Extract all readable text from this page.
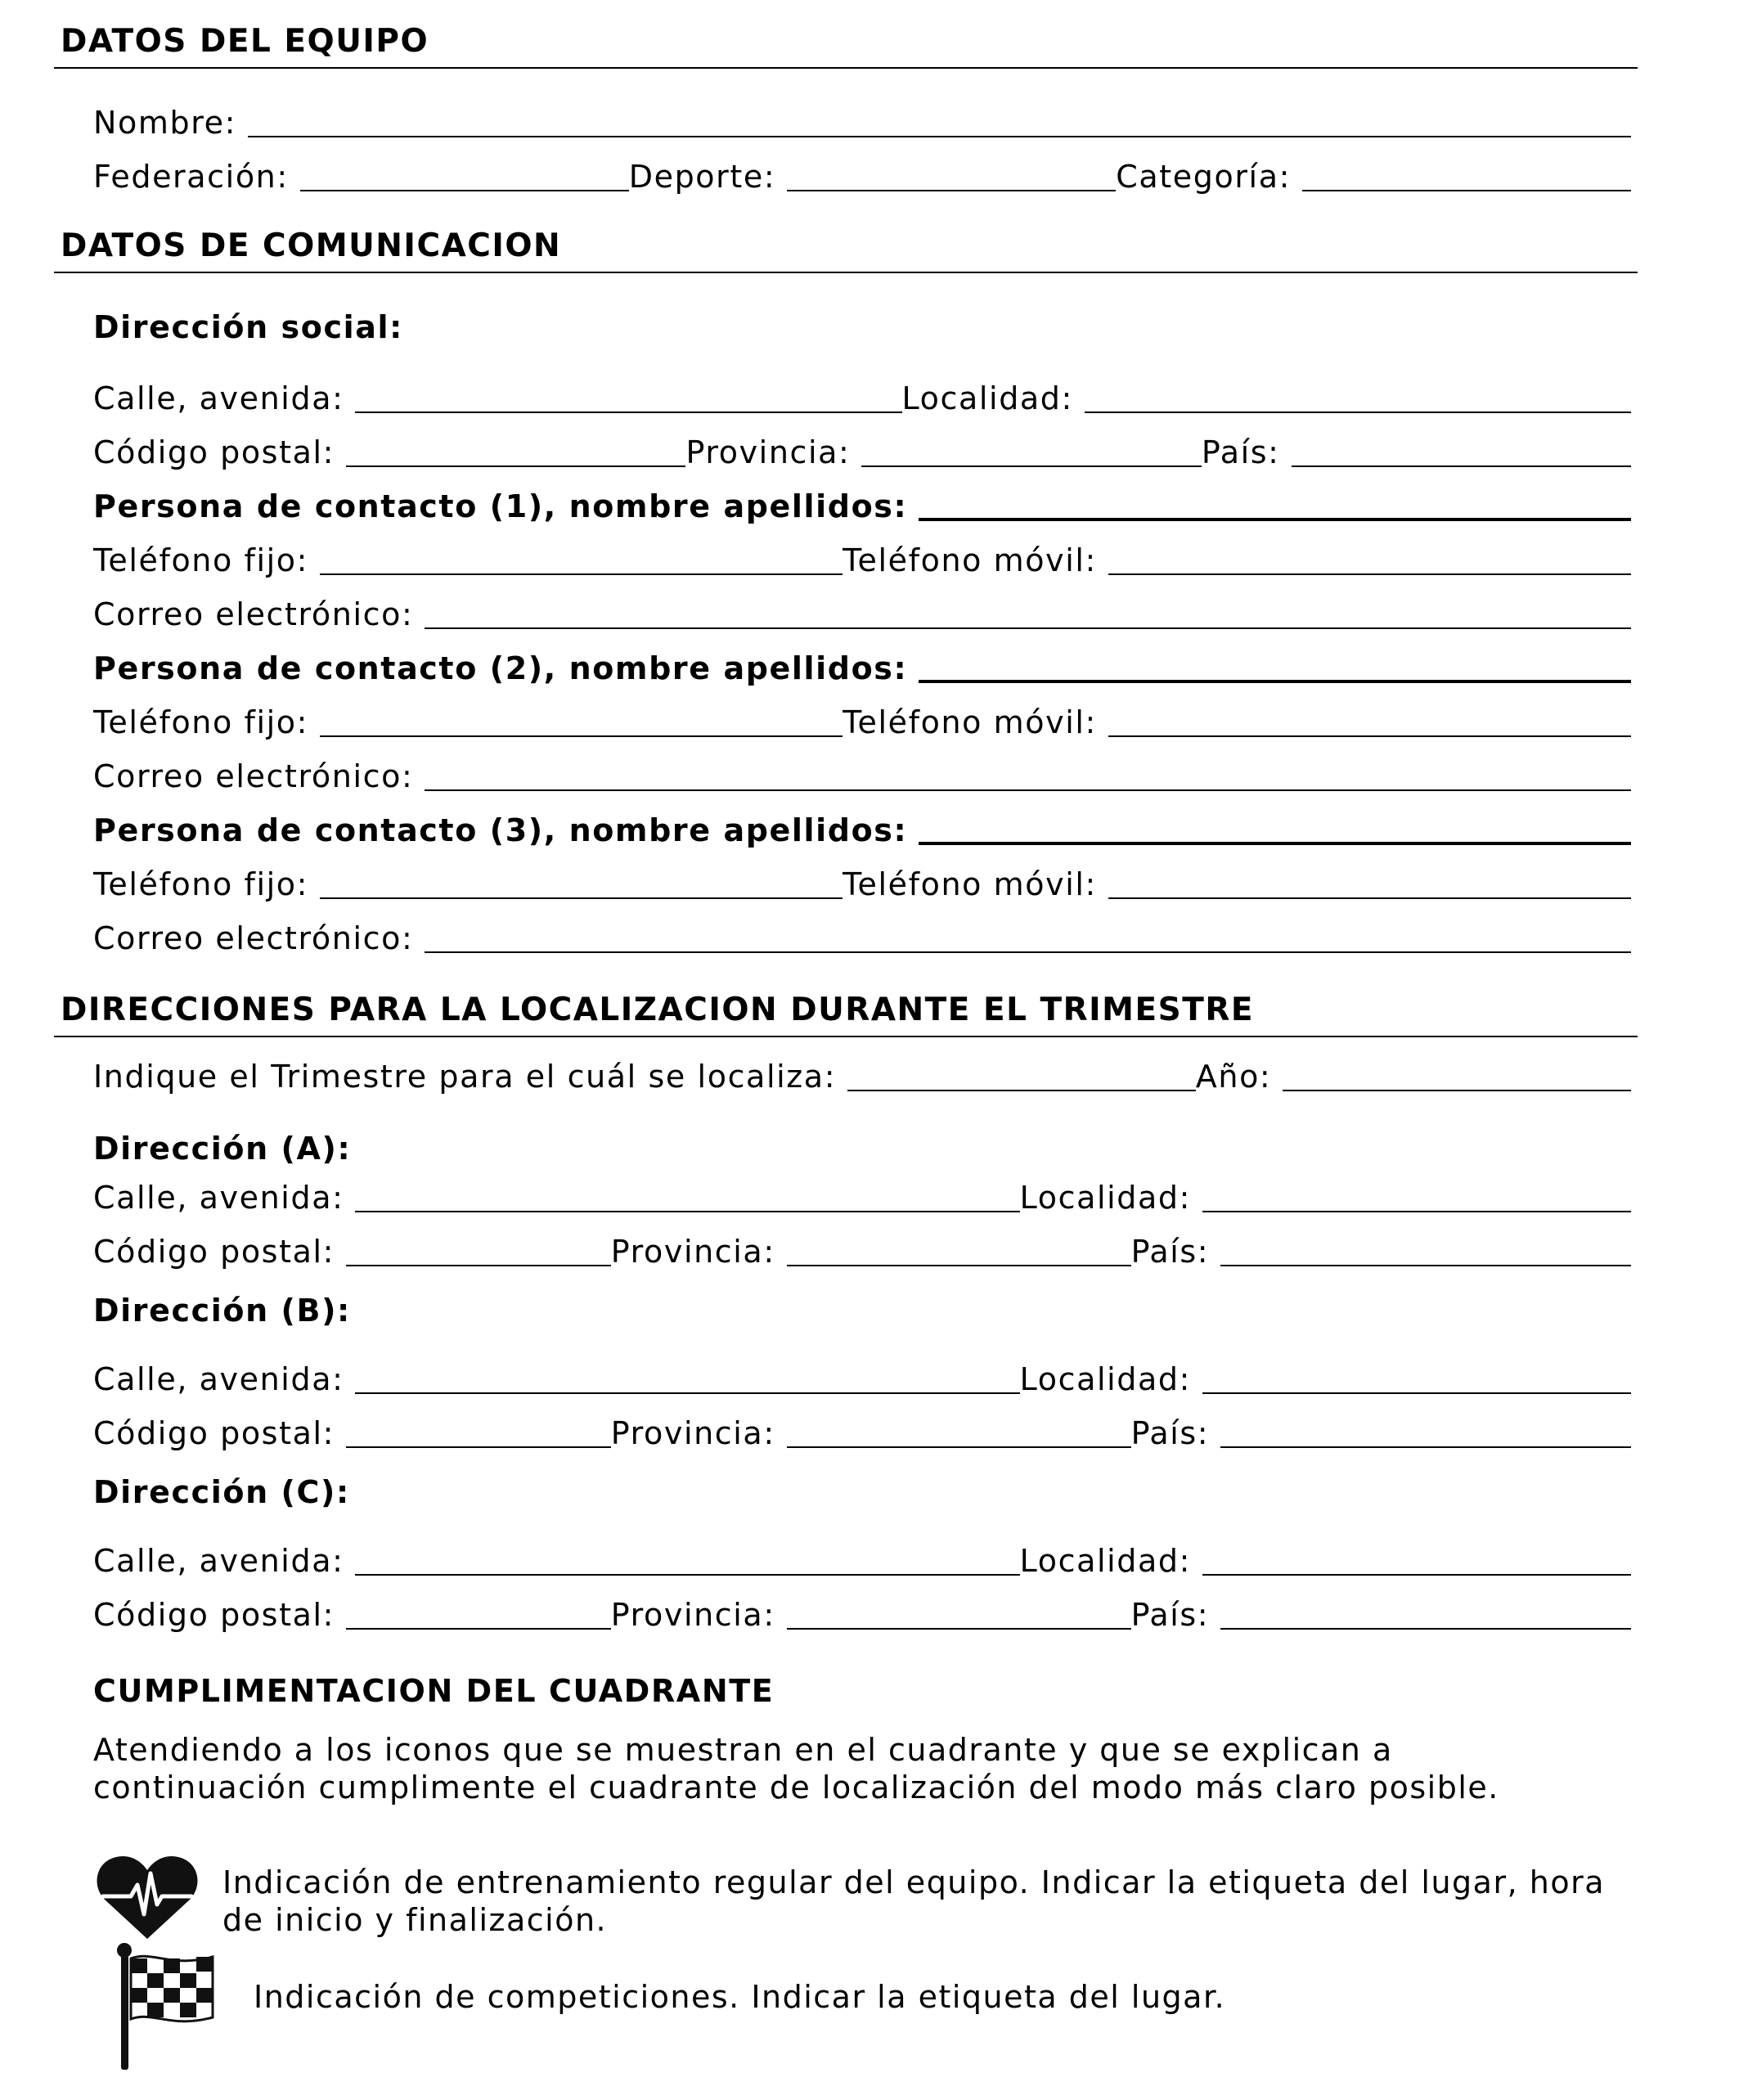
DATOS DEL EQUIPO
Nombre:
Federación:	Deporte:	Categoría:
DATOS DE COMUNICACION
Dirección social:
Calle, avenida:	Localidad:
Código postal:	Provincia:	País:
Persona de contacto (1), nombre apellidos:
Teléfono fijo:	Teléfono móvil:
Correo electrónico:
Persona de contacto (2), nombre apellidos:
Teléfono fijo:	Teléfono móvil:
Correo electrónico:
Persona de contacto (3), nombre apellidos:
Teléfono fijo:	Teléfono móvil:
Correo electrónico:
DIRECCIONES PARA LA LOCALIZACION DURANTE EL TRIMESTRE
Indique el Trimestre para el cuál se localiza:	Año:
Dirección (A):
Calle, avenida:	Localidad:
Código postal:	Provincia:	País:
Dirección (B):
Calle, avenida:	Localidad:
Código postal:	Provincia:	País:
Dirección (C):
Calle, avenida:	Localidad:
Código postal:	Provincia:	País:
CUMPLIMENTACION DEL CUADRANTE
Atendiendo a los iconos que se muestran en el cuadrante y que se explican a continuación cumplimente el cuadrante de localización del modo más claro posible.
Indicación de entrenamiento regular del equipo. Indicar la etiqueta del lugar, hora de inicio y finalización.
Indicación de competiciones. Indicar la etiqueta del lugar.
